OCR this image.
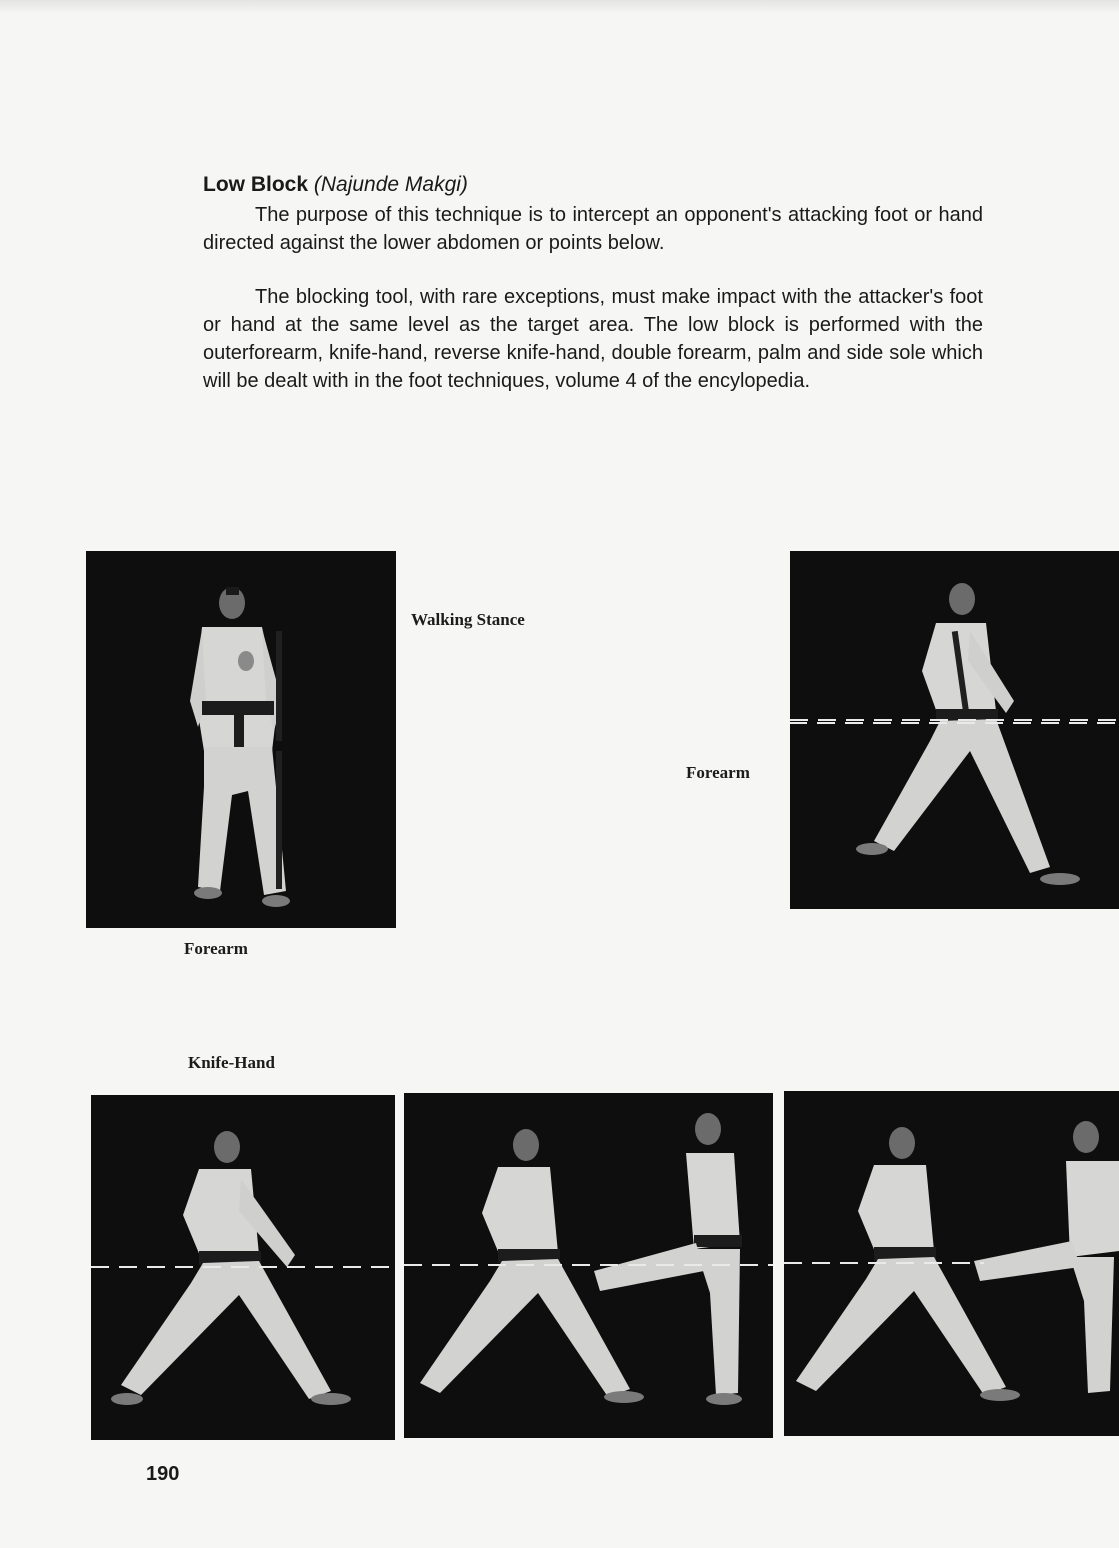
Low Block (Najunde Makgi)

The purpose of this technique is to intercept an opponent's attacking foot or hand directed against the lower abdomen or points below.

The blocking tool, with rare exceptions, must make impact with the attacker's foot or hand at the same level as the target area. The low block is performed with the outerforearm, knife-hand, reverse knife-hand, double forearm, palm and side sole which will be dealt with in the foot techniques, volume 4 of the encylopedia.

Walking Stance
Forearm
Forearm
Knife-Hand

190
